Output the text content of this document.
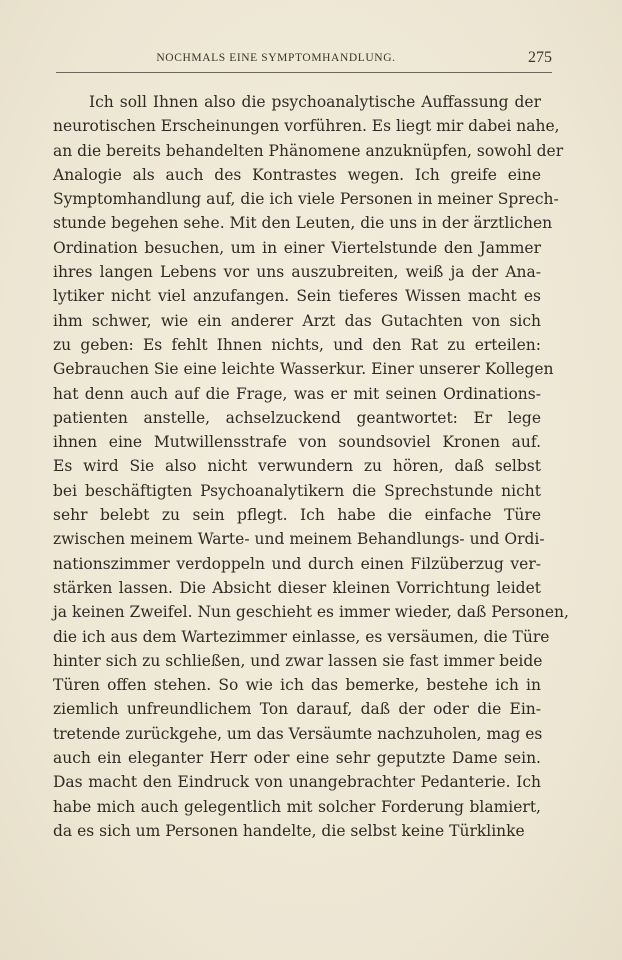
NOCHMALS EINE SYMPTOMHANDLUNG.	275
Ich soll Ihnen also die psychoanalytische Auffassung der
neurotischen Erscheinungen vorführen. Es liegt mir dabei nahe,
an die bereits behandelten Phänomene anzuknüpfen, sowohl der
Analogie als auch des Kontrastes wegen. Ich greife eine
Symptomhandlung auf, die ich viele Personen in meiner Sprech-
stunde begehen sehe. Mit den Leuten, die uns in der ärztlichen
Ordination besuchen, um in einer Viertelstunde den Jammer
ihres langen Lebens vor uns auszubreiten, weiß ja der Ana-
lytiker nicht viel anzufangen. Sein tieferes Wissen macht es
ihm schwer, wie ein anderer Arzt das Gutachten von sich
zu geben: Es fehlt Ihnen nichts, und den Rat zu erteilen:
Gebrauchen Sie eine leichte Wasserkur. Einer unserer Kollegen
hat denn auch auf die Frage, was er mit seinen Ordinations-
patienten anstelle, achselzuckend geantwortet: Er lege
ihnen eine Mutwillensstrafe von soundsoviel Kronen auf.
Es wird Sie also nicht verwundern zu hören, daß selbst
bei beschäftigten Psychoanalytikern die Sprechstunde nicht
sehr belebt zu sein pflegt. Ich habe die einfache Türe
zwischen meinem Warte- und meinem Behandlungs- und Ordi-
nationszimmer verdoppeln und durch einen Filzüberzug ver-
stärken lassen. Die Absicht dieser kleinen Vorrichtung leidet
ja keinen Zweifel. Nun geschieht es immer wieder, daß Personen,
die ich aus dem Wartezimmer einlasse, es versäumen, die Türe
hinter sich zu schließen, und zwar lassen sie fast immer beide
Türen offen stehen. So wie ich das bemerke, bestehe ich in
ziemlich unfreundlichem Ton darauf, daß der oder die Ein-
tretende zurückgehe, um das Versäumte nachzuholen, mag es
auch ein eleganter Herr oder eine sehr geputzte Dame sein.
Das macht den Eindruck von unangebrachter Pedanterie. Ich
habe mich auch gelegentlich mit solcher Forderung blamiert,
da es sich um Personen handelte, die selbst keine Türklinke
